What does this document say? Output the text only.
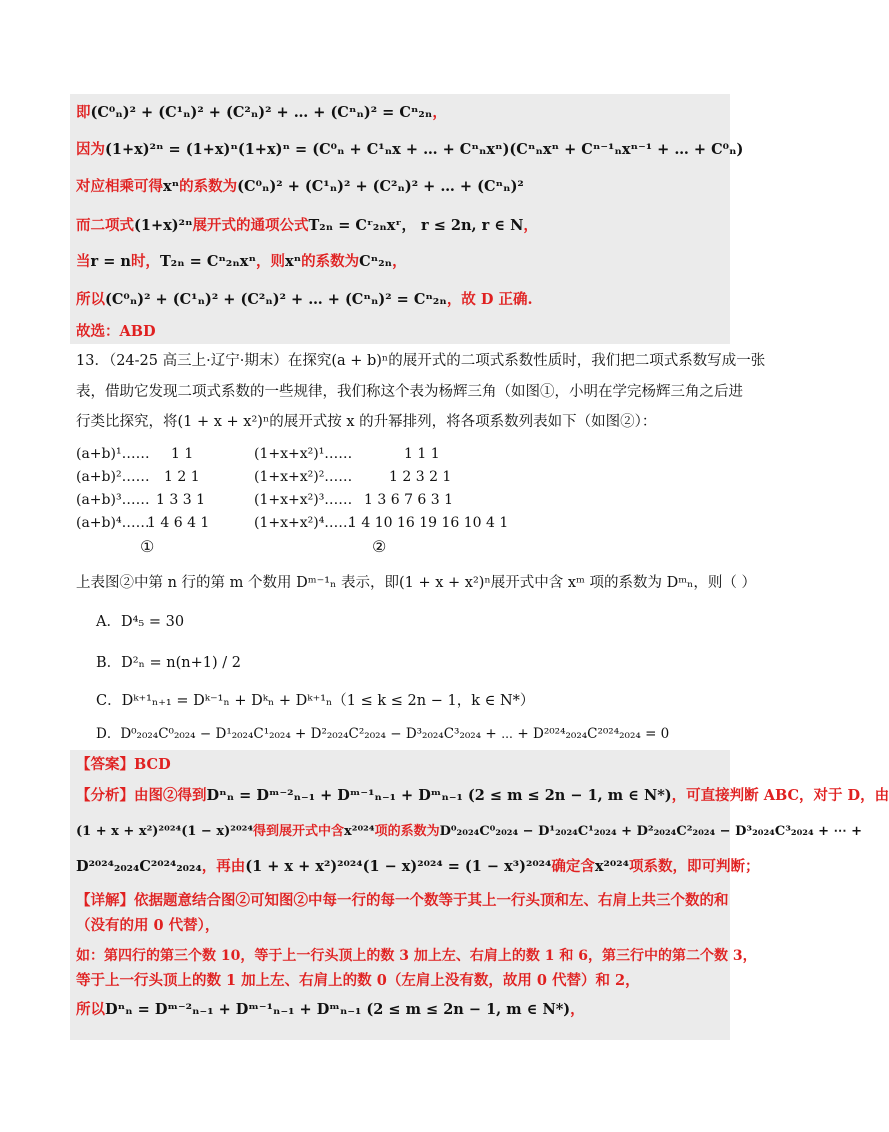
即(C⁰ₙ)² + (C¹ₙ)² + (C²ₙ)² + … + (Cⁿₙ)² = Cⁿ₂ₙ，
因为(1+x)²ⁿ = (1+x)ⁿ(1+x)ⁿ = (C⁰ₙ + C¹ₙx + … + Cⁿₙxⁿ)(Cⁿₙxⁿ + Cⁿ⁻¹ₙxⁿ⁻¹ + … + C⁰ₙ)
对应相乘可得xⁿ的系数为(C⁰ₙ)² + (C¹ₙ)² + (C²ₙ)² + … + (Cⁿₙ)²
而二项式(1+x)²ⁿ展开式的通项公式T₂ₙ = Cʳ₂ₙxʳ， r ≤ 2n, r ∈ N，
当r = n时，T₂ₙ = Cⁿ₂ₙxⁿ，则xⁿ的系数为Cⁿ₂ₙ，
所以(C⁰ₙ)² + (C¹ₙ)² + (C²ₙ)² + … + (Cⁿₙ)² = Cⁿ₂ₙ，故 D 正确.
故选：ABD
13．（24-25 高三上·辽宁·期末）在探究(a + b)ⁿ的展开式的二项式系数性质时，我们把二项式系数写成一张
表，借助它发现二项式系数的一些规律，我们称这个表为杨辉三角（如图①，小明在学完杨辉三角之后进
行类比探究，将(1 + x + x²)ⁿ的展开式按 x 的升幂排列，将各项系数列表如下（如图②）：
(a+b)¹…… 1 1
(a+b)²…… 1 2 1
(a+b)³…… 1 3 3 1
(a+b)⁴……
1 4 6 4 1
①
(1+x+x²)¹……	1 1 1
(1+x+x²)²……	1 2 3 2 1
(1+x+x²)³…… 1 3 6 7 6 3 1
(1+x+x²)⁴……
1 4 10 16 19 16 10 4 1
②
上表图②中第 n 行的第 m 个数用 Dᵐ⁻¹ₙ 表示，即(1 + x + x²)ⁿ展开式中含 xᵐ 项的系数为 Dᵐₙ，则（ ）
A．D⁴₅ = 30
B．D²ₙ = n(n+1) / 2
C．Dᵏ⁺¹ₙ₊₁ = Dᵏ⁻¹ₙ + Dᵏₙ + Dᵏ⁺¹ₙ（1 ≤ k ≤ 2n − 1，k ∈ N*）
D．D⁰₂₀₂₄C⁰₂₀₂₄ − D¹₂₀₂₄C¹₂₀₂₄ + D²₂₀₂₄C²₂₀₂₄ − D³₂₀₂₄C³₂₀₂₄ + ⋯ + D²⁰²⁴₂₀₂₄C²⁰²⁴₂₀₂₄ = 0
【答案】BCD
【分析】由图②得到Dⁿₙ = Dᵐ⁻²ₙ₋₁ + Dᵐ⁻¹ₙ₋₁ + Dᵐₙ₋₁ (2 ≤ m ≤ 2n − 1, m ∈ N*)，可直接判断 ABC，对于 D，由
(1 + x + x²)²⁰²⁴(1 − x)²⁰²⁴得到展开式中含x²⁰²⁴项的系数为D⁰₂₀₂₄C⁰₂₀₂₄ − D¹₂₀₂₄C¹₂₀₂₄ + D²₂₀₂₄C²₂₀₂₄ − D³₂₀₂₄C³₂₀₂₄ + ⋯ +
D²⁰²⁴₂₀₂₄C²⁰²⁴₂₀₂₄，再由(1 + x + x²)²⁰²⁴(1 − x)²⁰²⁴ = (1 − x³)²⁰²⁴确定含x²⁰²⁴项系数，即可判断；
【详解】依据题意结合图②可知图②中每一行的每一个数等于其上一行头顶和左、右肩上共三个数的和
（没有的用 0 代替），
如：第四行的第三个数 10，等于上一行头顶上的数 3 加上左、右肩上的数 1 和 6，第三行中的第二个数 3，
等于上一行头顶上的数 1 加上左、右肩上的数 0（左肩上没有数，故用 0 代替）和 2，
所以Dⁿₙ = Dᵐ⁻²ₙ₋₁ + Dᵐ⁻¹ₙ₋₁ + Dᵐₙ₋₁ (2 ≤ m ≤ 2n − 1, m ∈ N*)，
